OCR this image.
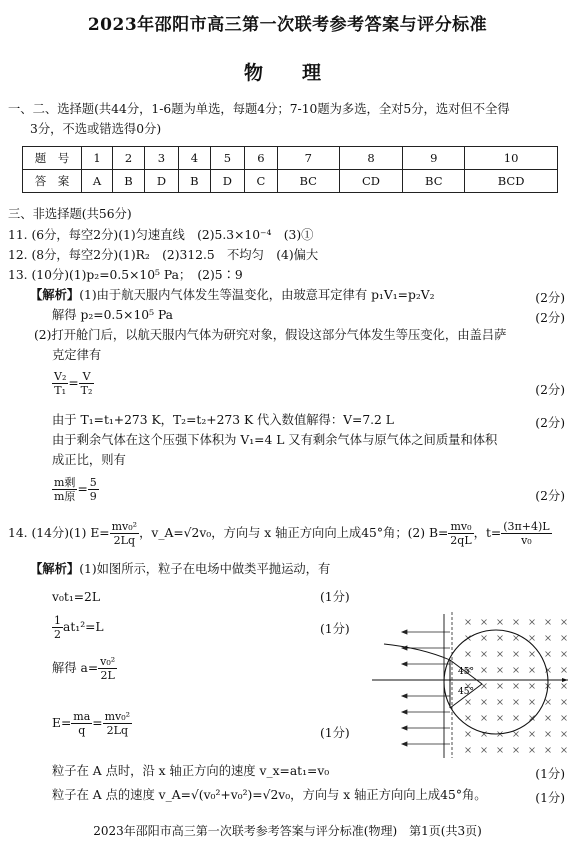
2023年邵阳市高三第一次联考参考答案与评分标准
物　理
一、二、选择题(共44分，1-6题为单选，每题4分；7-10题为多选，全对5分，选对但不全得
3分，不选或错选得0分)
题　号	1	2	3	4	5	6	7	8	9	10
答　案	A	B	D	B	D	C	BC	CD	BC	BCD
三、非选择题(共56分)
11. (6分，每空2分)(1)匀速直线　(2)5.3×10⁻⁴　(3)①
12. (8分，每空2分)(1)R₂　(2)312.5　不均匀　(4)偏大
13. (10分)(1)p₂=0.5×10⁵ Pa；　(2)5∶9
【解析】(1)由于航天服内气体发生等温变化，由玻意耳定律有 p₁V₁=p₂V₂	(2分)
解得 p₂=0.5×10⁵ Pa	(2分)
(2)打开舱门后，以航天服内气体为研究对象，假设这部分气体发生等压变化，由盖吕萨
克定律有
$\frac{\text{V₂}}{\text{T₁}} = \frac{V}{\text{T₂}}$	(2分)
由于 T₁=t₁+273 K，T₂=t₂+273 K 代入数值解得：V=7.2 L	(2分)
由于剩余气体在这个压强下体积为 V₁=4 L 又有剩余气体与原气体之间质量和体积
成正比，则有
$\frac{\text{m剩}}{\text{m原}} = \frac{5}{9}$	(2分)
14. (14分)(1) $E= \frac{\text{mv₀²}}{2Lq}$ ，v_A=√2v₀，方向与 x 轴正方向向上成45°角；(2) $B= \frac{\text{mv₀}}{2qL}$ ，$t= \frac{(3\pi+4)L}{\text{v₀}}$
【解析】(1)如图所示，粒子在电场中做类平抛运动，有
v₀t₁=2L	(1分)
$\frac{1}{2} at_1^2=L$	(1分)
解得 $a= \frac{\text{v₀²}}{2L}$
$E= \frac{ma}{q} = \frac{\text{mv₀²}}{2Lq}$	(1分)
粒子在 A 点时，沿 x 轴正方向的速度 v_x=at₁=v₀	(1分)
粒子在 A 点的速度 v_A=√(v₀²+v₀²)=√2v₀，方向与 x 轴正方向向上成45°角。	(1分)
45°
45°
2023年邵阳市高三第一次联考参考答案与评分标准(物理)　第1页(共3页)
